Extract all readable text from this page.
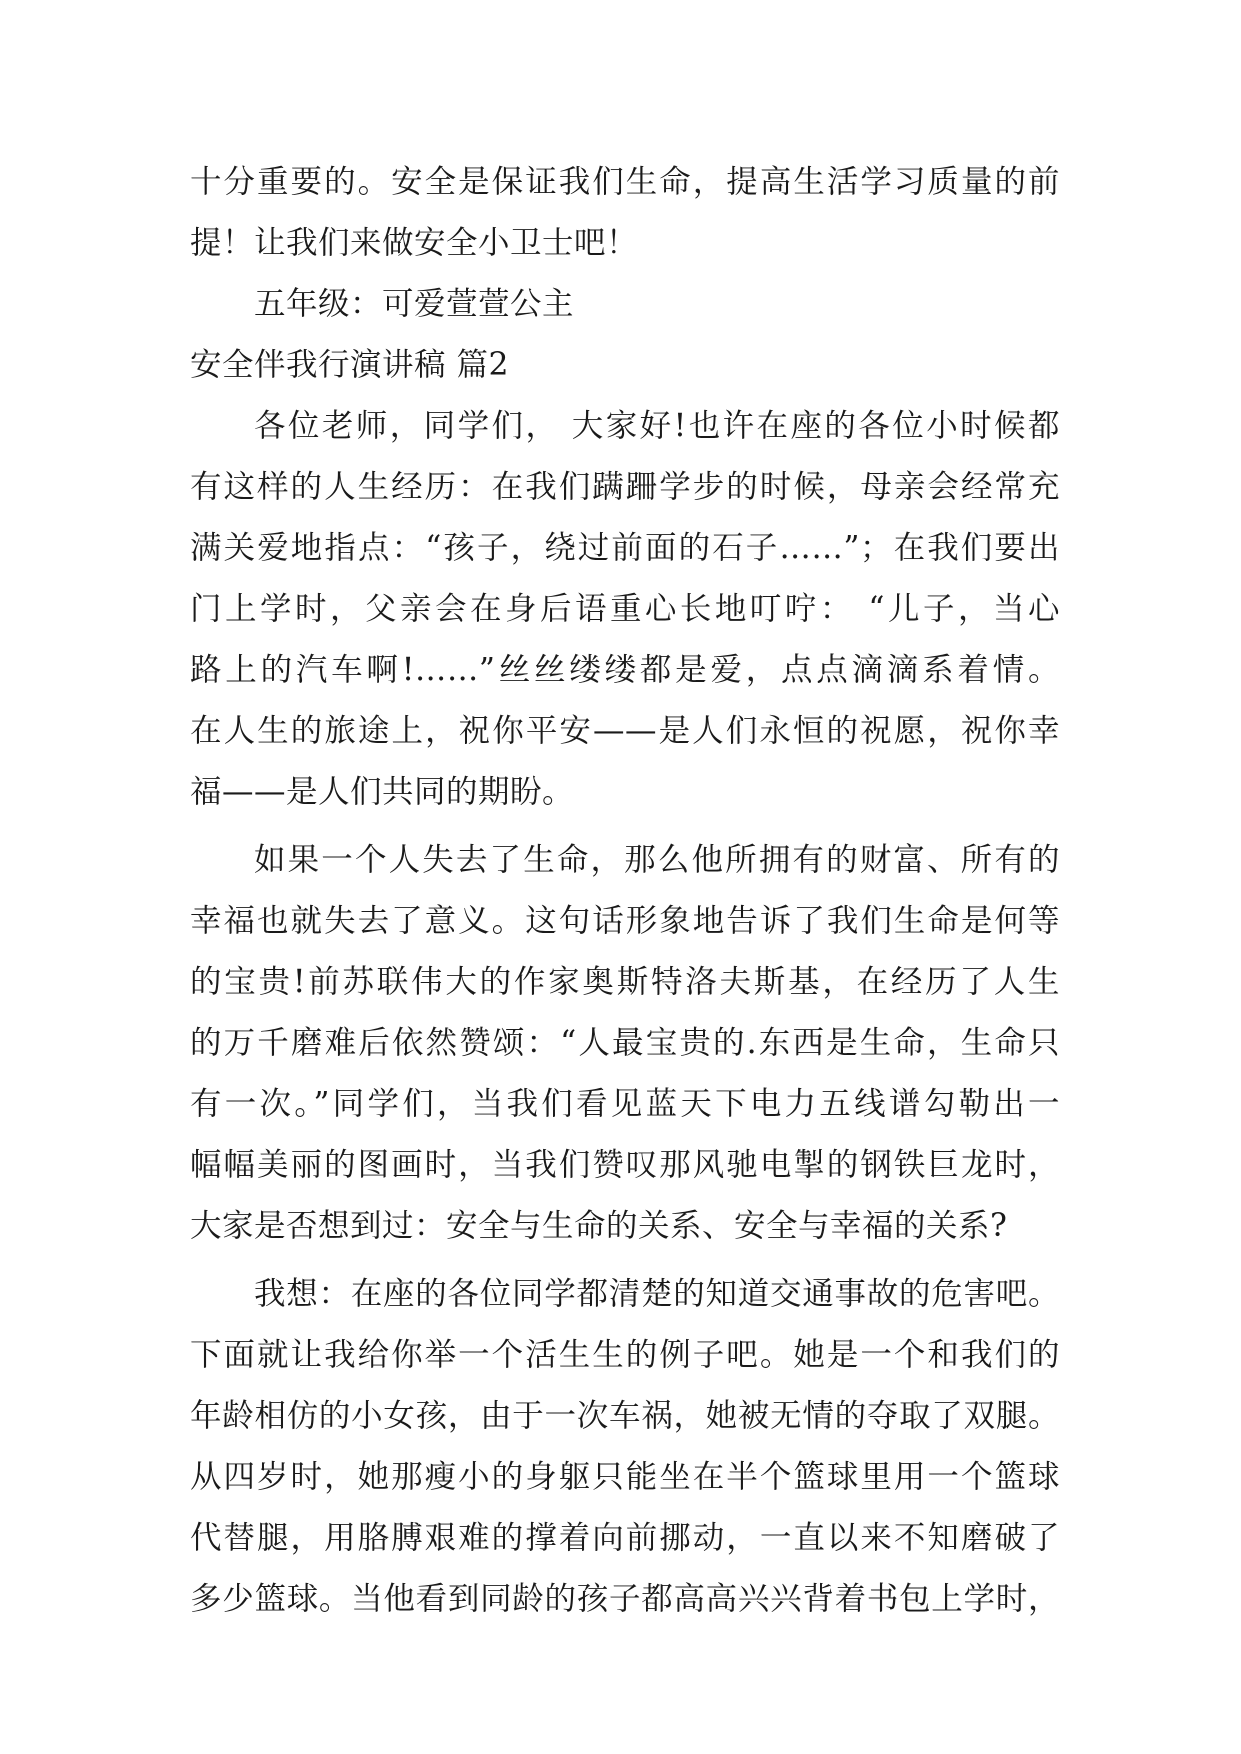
十分重要的。安全是保证我们生命，提高生活学习质量的前
提！让我们来做安全小卫士吧！
五年级：可爱萱萱公主
安全伴我行演讲稿 篇2
各位老师，同学们， 大家好!也许在座的各位小时候都
有这样的人生经历：在我们蹒跚学步的时候，母亲会经常充
满关爱地指点：“孩子，绕过前面的石子……”；在我们要出
门上学时，父亲会在身后语重心长地叮咛： “儿子，当心
路上的汽车啊!……”丝丝缕缕都是爱，点点滴滴系着情。
在人生的旅途上，祝你平安——是人们永恒的祝愿，祝你幸
福——是人们共同的期盼。
如果一个人失去了生命，那么他所拥有的财富、所有的
幸福也就失去了意义。这句话形象地告诉了我们生命是何等
的宝贵!前苏联伟大的作家奥斯特洛夫斯基，在经历了人生
的万千磨难后依然赞颂：“人最宝贵的.东西是生命，生命只
有一次。”同学们，当我们看见蓝天下电力五线谱勾勒出一
幅幅美丽的图画时，当我们赞叹那风驰电掣的钢铁巨龙时，
大家是否想到过：安全与生命的关系、安全与幸福的关系?
我想：在座的各位同学都清楚的知道交通事故的危害吧。
下面就让我给你举一个活生生的例子吧。她是一个和我们的
年龄相仿的小女孩，由于一次车祸，她被无情的夺取了双腿。
从四岁时，她那瘦小的身躯只能坐在半个篮球里用一个篮球
代替腿，用胳膊艰难的撑着向前挪动，一直以来不知磨破了
多少篮球。当他看到同龄的孩子都高高兴兴背着书包上学时，
